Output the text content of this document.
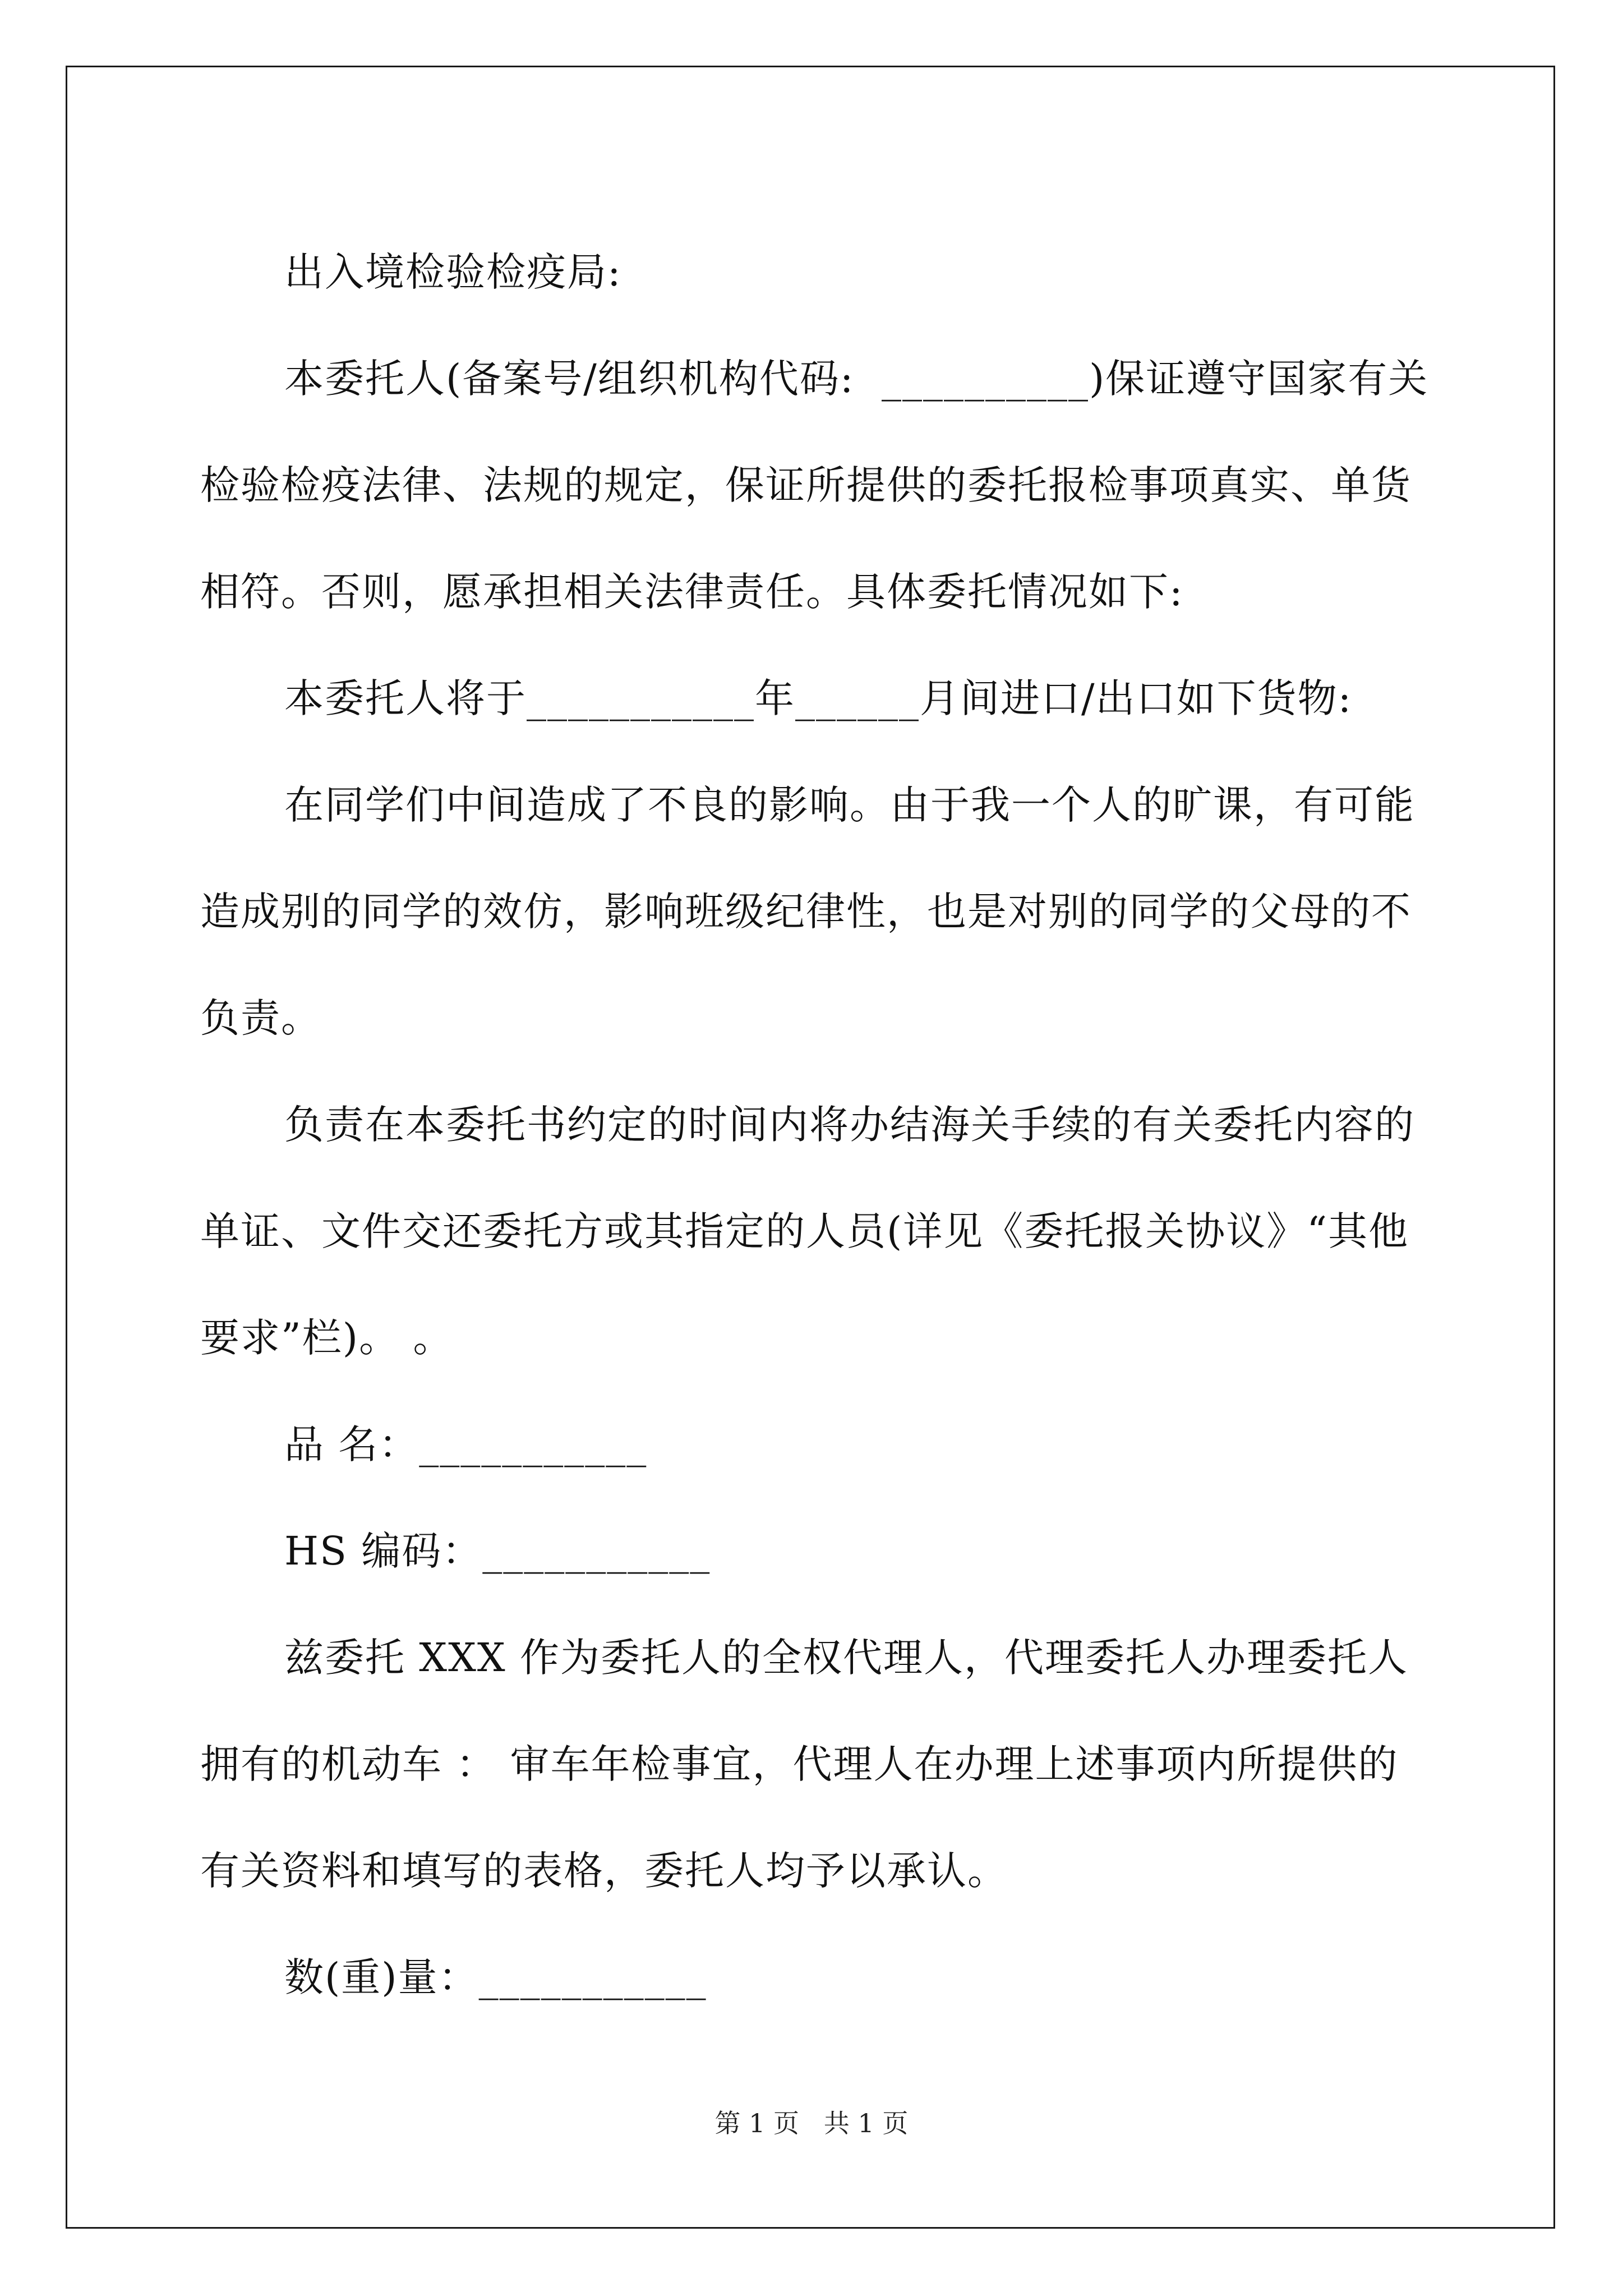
出入境检验检疫局:

本委托人(备案号/组织机构代码:  __________)保证遵守国家有关检验检疫法律、法规的规定，保证所提供的委托报检事项真实、单货相符。否则，愿承担相关法律责任。具体委托情况如下:

本委托人将于___________年______月间进口/出口如下货物:

在同学们中间造成了不良的影响。由于我一个人的旷课，有可能造成别的同学的效仿，影响班级纪律性，也是对别的同学的父母的不负责。

负责在本委托书约定的时间内将办结海关手续的有关委托内容的单证、文件交还委托方或其指定的人员(详见《委托报关协议》“其他要求”栏)。 。

品 名：___________

HS 编码：___________

兹委托 XXX 作为委托人的全权代理人，代理委托人办理委托人拥有的机动车 ： 审车年检事宜，代理人在办理上述事项内所提供的有关资料和填写的表格，委托人均予以承认。

数(重)量：___________

第 1 页   共 1 页
